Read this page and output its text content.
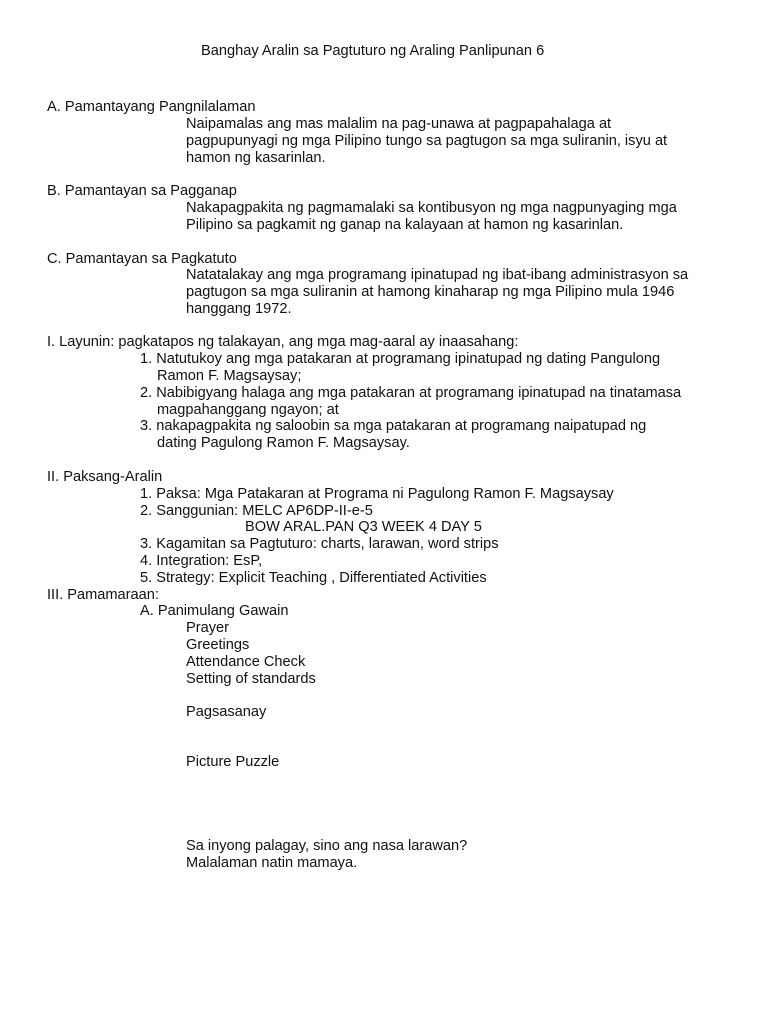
Banghay Aralin sa Pagtuturo ng Araling Panlipunan 6
A. Pamantayang Pangnilalaman
Naipamalas ang mas malalim na pag-unawa at pagpapahalaga at
pagpupunyagi ng mga Pilipino tungo sa pagtugon sa mga suliranin, isyu at
hamon ng kasarinlan.
B. Pamantayan sa Pagganap
Nakapagpakita ng pagmamalaki sa kontibusyon ng mga nagpunyaging mga
Pilipino sa pagkamit ng ganap na kalayaan at hamon ng kasarinlan.
C. Pamantayan sa Pagkatuto
Natatalakay ang mga programang ipinatupad ng ibat-ibang administrasyon sa
pagtugon sa mga suliranin at hamong kinaharap ng mga Pilipino mula 1946
hanggang 1972.
I. Layunin: pagkatapos ng talakayan, ang mga mag-aaral ay inaasahang:
1. Natutukoy ang mga patakaran at programang ipinatupad ng dating Pangulong
Ramon F. Magsaysay;
2. Nabibigyang halaga ang mga patakaran at programang ipinatupad na tinatamasa
magpahanggang ngayon; at
3. nakapagpakita ng saloobin sa mga patakaran at programang naipatupad ng
dating Pagulong Ramon F. Magsaysay.
II. Paksang-Aralin
1. Paksa: Mga Patakaran at Programa ni Pagulong Ramon F. Magsaysay
2. Sanggunian: MELC AP6DP-II-e-5
BOW ARAL.PAN Q3 WEEK 4 DAY 5
3. Kagamitan sa Pagtuturo: charts, larawan, word strips
4. Integration: EsP,
5. Strategy: Explicit Teaching , Differentiated Activities
III. Pamamaraan:
A. Panimulang Gawain
Prayer
Greetings
Attendance Check
Setting of standards
Pagsasanay
Picture Puzzle
Sa inyong palagay, sino ang nasa larawan?
Malalaman natin mamaya.
